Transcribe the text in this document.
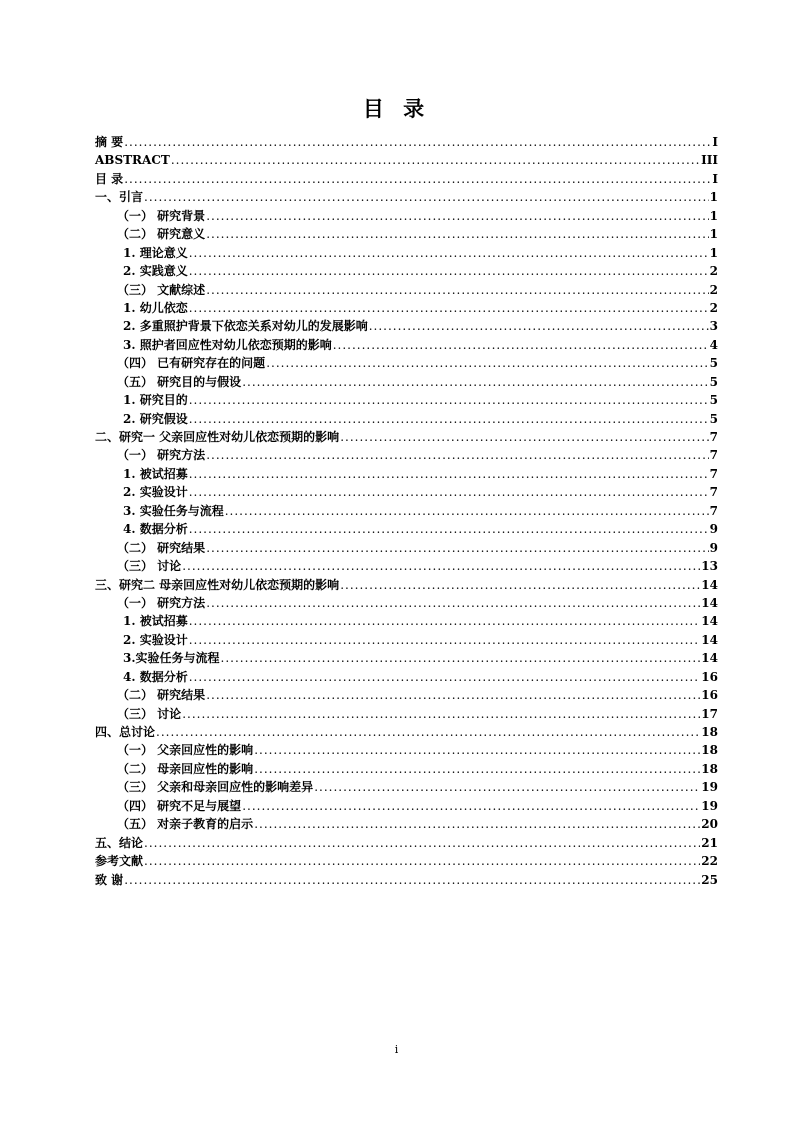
目 录
摘 要 .....	I
ABSTRACT .....	III
目 录 .....	I
一、引言 .....	1
（一） 研究背景 .....	1
（二） 研究意义 .....	1
1. 理论意义 .....	1
2. 实践意义 .....	2
（三） 文献综述 .....	2
1. 幼儿依恋 .....	2
2. 多重照护背景下依恋关系对幼儿的发展影响 .....	3
3. 照护者回应性对幼儿依恋预期的影响 .....	4
（四） 已有研究存在的问题 .....	5
（五） 研究目的与假设 .....	5
1. 研究目的 .....	5
2. 研究假设 .....	5
二、研究一 父亲回应性对幼儿依恋预期的影响 .....	7
（一） 研究方法 .....	7
1. 被试招募 .....	7
2. 实验设计 .....	7
3. 实验任务与流程 .....	7
4. 数据分析 .....	9
（二） 研究结果 .....	9
（三） 讨论 .....	13
三、研究二 母亲回应性对幼儿依恋预期的影响 .....	14
（一） 研究方法 .....	14
1. 被试招募 .....	14
2. 实验设计 .....	14
3.实验任务与流程 .....	14
4. 数据分析 .....	16
（二） 研究结果 .....	16
（三） 讨论 .....	17
四、总讨论 .....	18
（一） 父亲回应性的影响 .....	18
（二） 母亲回应性的影响 .....	18
（三） 父亲和母亲回应性的影响差异 .....	19
（四） 研究不足与展望 .....	19
（五） 对亲子教育的启示 .....	20
五、结论 .....	21
参考文献 .....	22
致 谢 .....	25
i
